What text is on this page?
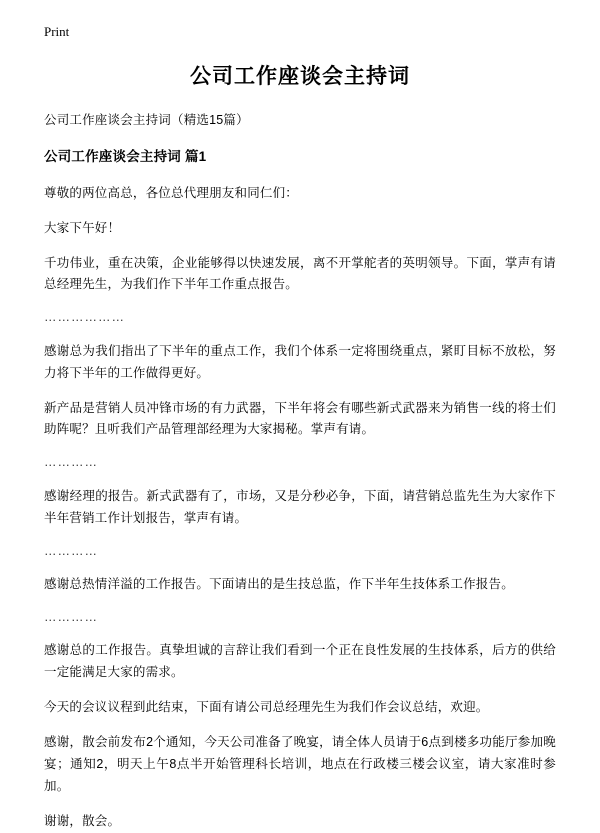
Print
公司工作座谈会主持词

公司工作座谈会主持词（精选15篇）

公司工作座谈会主持词 篇1

尊敬的两位高总，各位总代理朋友和同仁们：

大家下午好！

千功伟业，重在决策，企业能够得以快速发展，离不开掌舵者的英明领导。下面，掌声有请总经理先生，为我们作下半年工作重点报告。

………………

感谢总为我们指出了下半年的重点工作，我们个体系一定将围绕重点，紧盯目标不放松，努力将下半年的工作做得更好。

新产品是营销人员冲锋市场的有力武器，下半年将会有哪些新式武器来为销售一线的将士们助阵呢？且听我们产品管理部经理为大家揭秘。掌声有请。

…………

感谢经理的报告。新式武器有了，市场，又是分秒必争，下面，请营销总监先生为大家作下半年营销工作计划报告，掌声有请。

…………

感谢总热情洋溢的工作报告。下面请出的是生技总监，作下半年生技体系工作报告。

…………

感谢总的工作报告。真挚坦诚的言辞让我们看到一个正在良性发展的生技体系，后方的供给一定能满足大家的需求。

今天的会议议程到此结束，下面有请公司总经理先生为我们作会议总结，欢迎。

感谢，散会前发布2个通知，今天公司准备了晚宴，请全体人员请于6点到楼多功能厅参加晚宴；通知2，明天上午8点半开始管理科长培训，地点在行政楼三楼会议室，请大家准时参加。

谢谢，散会。
